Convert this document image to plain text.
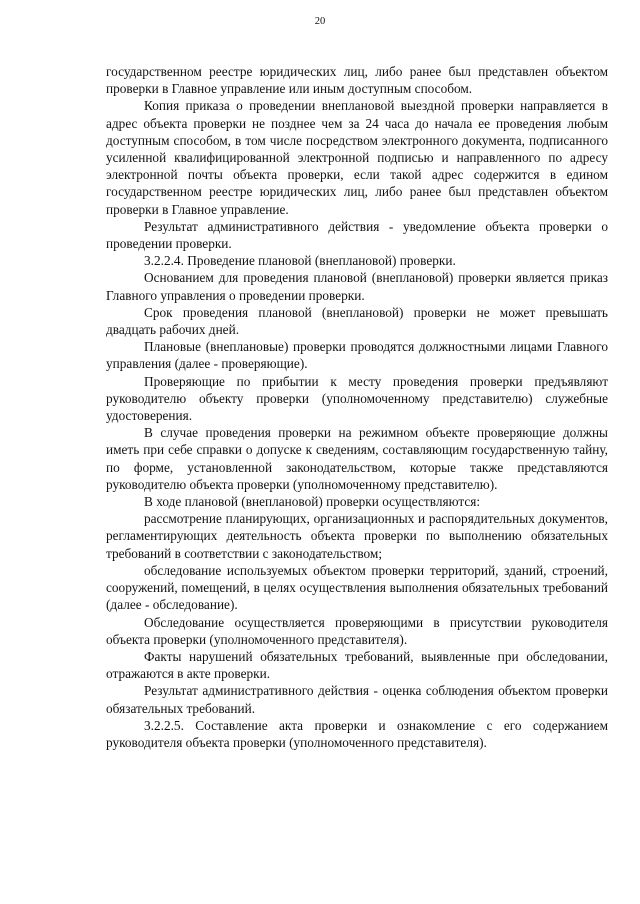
20

государственном реестре юридических лиц, либо ранее был представлен объектом проверки в Главное управление или иным доступным способом.

Копия приказа о проведении внеплановой выездной проверки направляется в адрес объекта проверки не позднее чем за 24 часа до начала ее проведения любым доступным способом, в том числе посредством электронного документа, подписанного усиленной квалифицированной электронной подписью и направленного по адресу электронной почты объекта проверки, если такой адрес содержится в едином государственном реестре юридических лиц, либо ранее был представлен объектом проверки в Главное управление.

Результат административного действия - уведомление объекта проверки о проведении проверки.

3.2.2.4. Проведение плановой (внеплановой) проверки.

Основанием для проведения плановой (внеплановой) проверки является приказ Главного управления о проведении проверки.

Срок проведения плановой (внеплановой) проверки не может превышать двадцать рабочих дней.

Плановые (внеплановые) проверки проводятся должностными лицами Главного управления (далее - проверяющие).

Проверяющие по прибытии к месту проведения проверки предъявляют руководителю объекту проверки (уполномоченному представителю) служебные удостоверения.

В случае проведения проверки на режимном объекте проверяющие должны иметь при себе справки о допуске к сведениям, составляющим государственную тайну, по форме, установленной законодательством, которые также представляются руководителю объекта проверки (уполномоченному представителю).

В ходе плановой (внеплановой) проверки осуществляются:

рассмотрение планирующих, организационных и распорядительных документов, регламентирующих деятельность объекта проверки по выполнению обязательных требований в соответствии с законодательством;

обследование используемых объектом проверки территорий, зданий, строений, сооружений, помещений, в целях осуществления выполнения обязательных требований (далее - обследование).

Обследование осуществляется проверяющими в присутствии руководителя объекта проверки (уполномоченного представителя).

Факты нарушений обязательных требований, выявленные при обследовании, отражаются в акте проверки.

Результат административного действия - оценка соблюдения объектом проверки обязательных требований.

3.2.2.5. Составление акта проверки и ознакомление с его содержанием руководителя объекта проверки (уполномоченного представителя).
